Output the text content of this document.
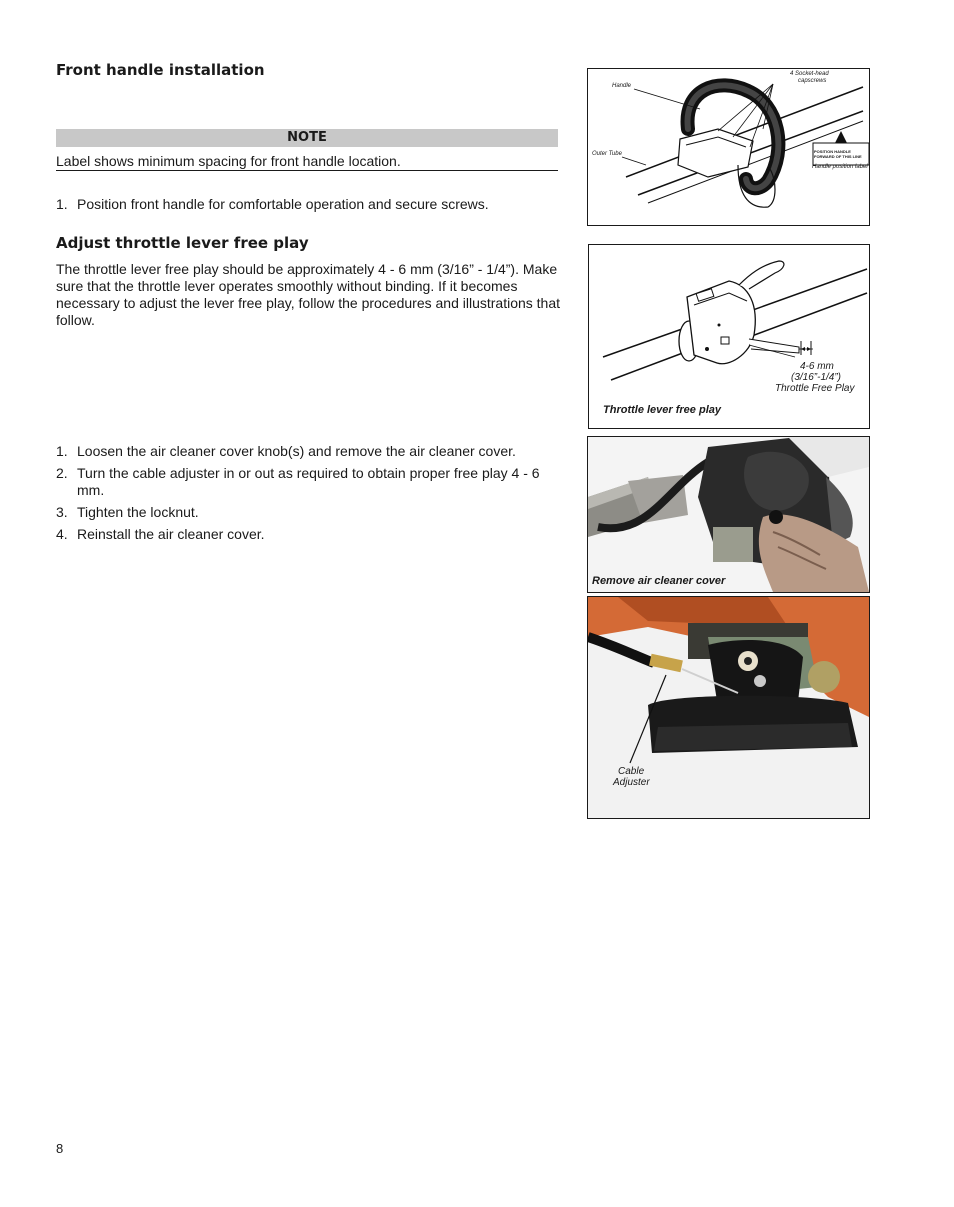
Front handle installation
NOTE
Label shows minimum spacing for front handle location.
1. Position front handle for comfortable operation and secure screws.
Adjust throttle lever free play
The throttle lever free play should be approximately 4 - 6 mm (3/16” - 1/4”). Make sure that the throttle lever operates smoothly without binding. If it becomes necessary to adjust the lever free play, follow the procedures and illustrations that follow.
1. Loosen the air cleaner cover knob(s) and remove the air cleaner cover.
2. Turn the cable adjuster in or out as required to obtain proper free play 4 - 6 mm.
3. Tighten the locknut.
4. Reinstall the air cleaner cover.
Handle
4 Socket-head
capscrews
Outer Tube	POSITION HANDLE
FORWARD OF THIS LINE
Handle position label
4-6 mm
(3/16”-1/4”)
Throttle Free Play
Throttle lever free play
Remove air cleaner cover
Cable
Adjuster
8
